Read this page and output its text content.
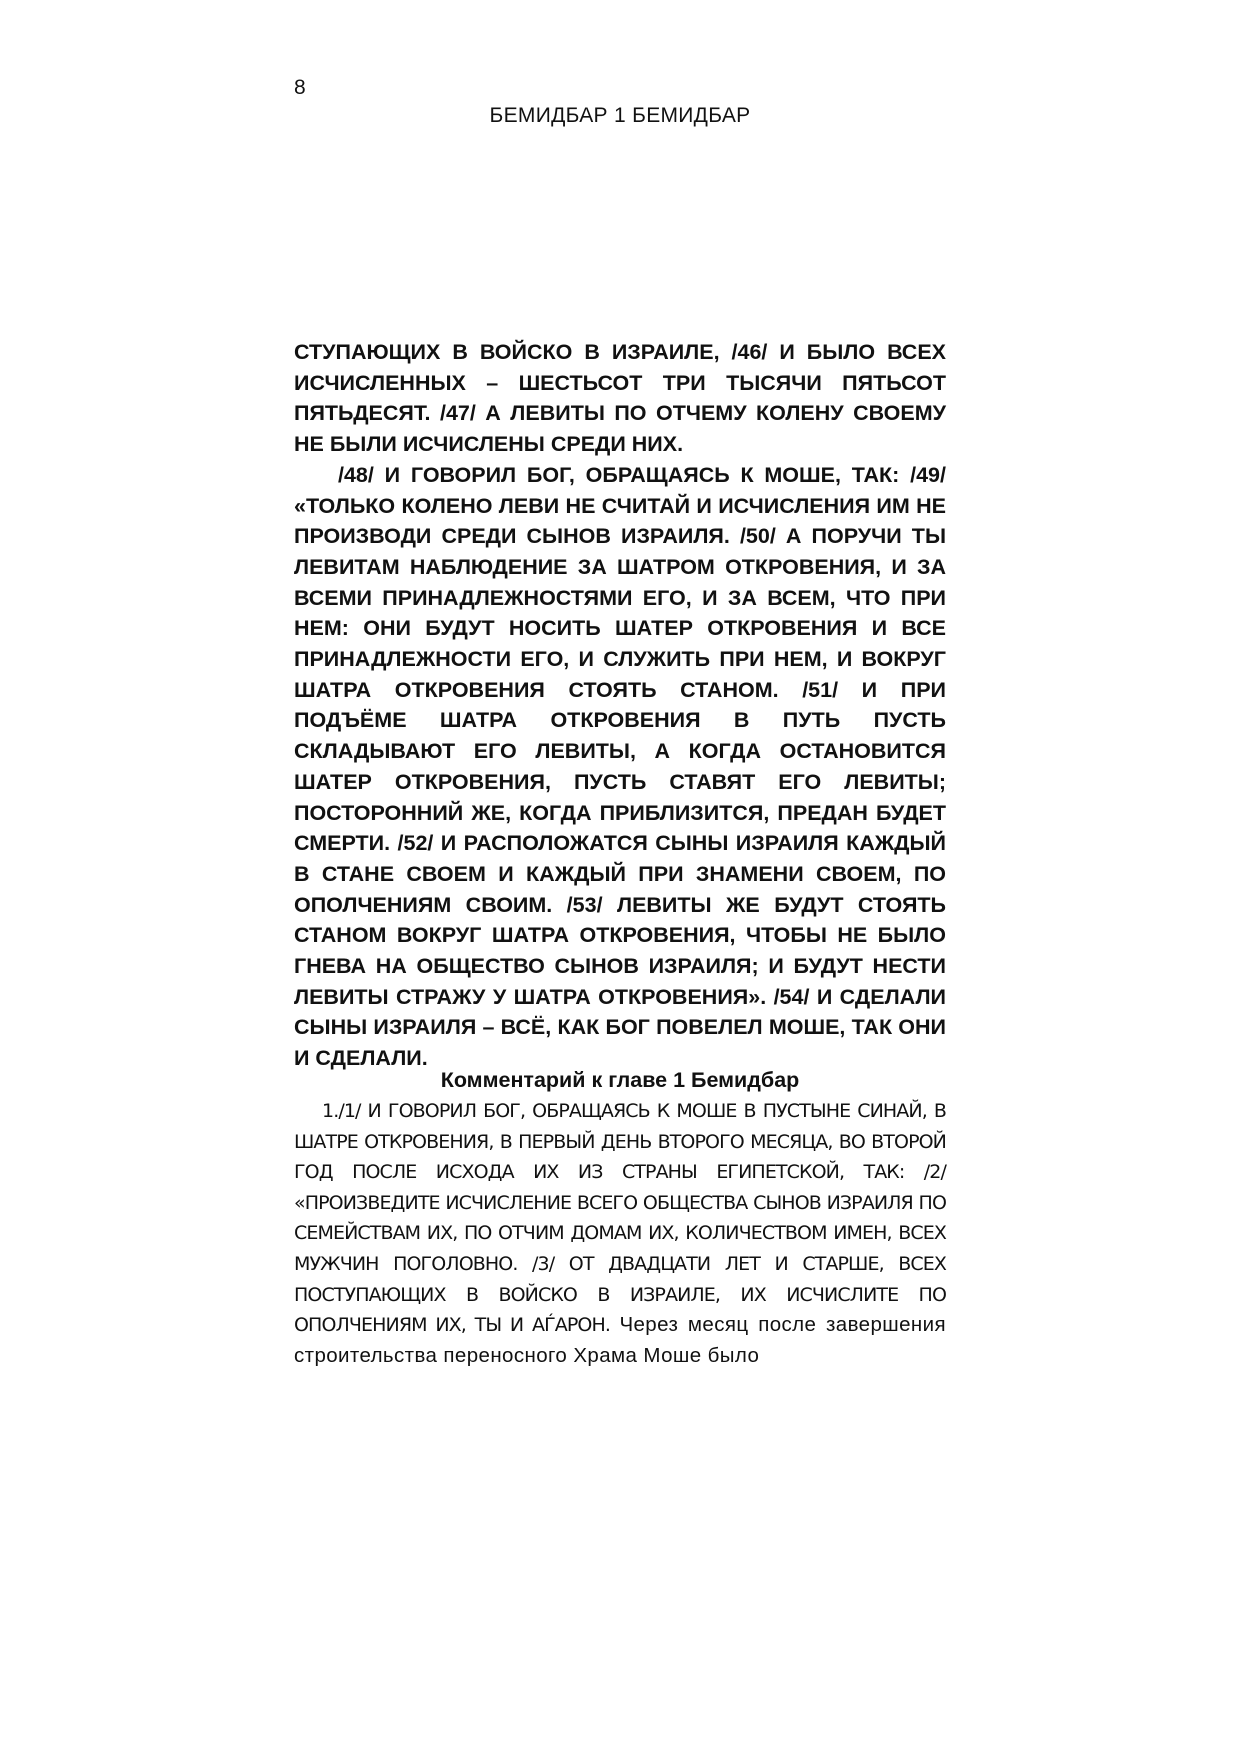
8
БЕМИДБАР 1 БЕМИДБАР

СТУПАЮЩИХ В ВОЙСКО В ИЗРАИЛЕ, /46/ И БЫЛО ВСЕХ ИСЧИСЛЕННЫХ – ШЕСТЬСОТ ТРИ ТЫСЯЧИ ПЯТЬСОТ ПЯТЬДЕСЯТ. /47/ А ЛЕВИТЫ ПО ОТЧЕМУ КОЛЕНУ СВОЕМУ НЕ БЫЛИ ИСЧИСЛЕНЫ СРЕДИ НИХ.

/48/ И ГОВОРИЛ БОГ, ОБРАЩАЯСЬ К МОШЕ, ТАК: /49/ «ТОЛЬКО КОЛЕНО ЛЕВИ НЕ СЧИТАЙ И ИСЧИСЛЕНИЯ ИМ НЕ ПРОИЗВОДИ СРЕДИ СЫНОВ ИЗРАИЛЯ. /50/ А ПОРУЧИ ТЫ ЛЕВИТАМ НАБЛЮДЕНИЕ ЗА ШАТРОМ ОТКРОВЕНИЯ, И ЗА ВСЕМИ ПРИНАДЛЕЖНОСТЯМИ ЕГО, И ЗА ВСЕМ, ЧТО ПРИ НЕМ: ОНИ БУДУТ НОСИТЬ ШАТЕР ОТКРОВЕНИЯ И ВСЕ ПРИНАДЛЕЖНОСТИ ЕГО, И СЛУЖИТЬ ПРИ НЕМ, И ВОКРУГ ШАТРА ОТКРОВЕНИЯ СТОЯТЬ СТАНОМ. /51/ И ПРИ ПОДЪЁМЕ ШАТРА ОТКРОВЕНИЯ В ПУТЬ ПУСТЬ СКЛАДЫВАЮТ ЕГО ЛЕВИТЫ, А КОГДА ОСТАНОВИТСЯ ШАТЕР ОТКРОВЕНИЯ, ПУСТЬ СТАВЯТ ЕГО ЛЕВИТЫ; ПОСТОРОННИЙ ЖЕ, КОГДА ПРИБЛИЗИТСЯ, ПРЕДАН БУДЕТ СМЕРТИ. /52/ И РАСПОЛОЖАТСЯ СЫНЫ ИЗРАИЛЯ КАЖДЫЙ В СТАНЕ СВОЕМ И КАЖДЫЙ ПРИ ЗНАМЕНИ СВОЕМ, ПО ОПОЛЧЕНИЯМ СВОИМ. /53/ ЛЕВИТЫ ЖЕ БУДУТ СТОЯТЬ СТАНОМ ВОКРУГ ШАТРА ОТКРОВЕНИЯ, ЧТОБЫ НЕ БЫЛО ГНЕВА НА ОБЩЕСТВО СЫНОВ ИЗРАИЛЯ; И БУДУТ НЕСТИ ЛЕВИТЫ СТРАЖУ У ШАТРА ОТКРОВЕНИЯ». /54/ И СДЕЛАЛИ СЫНЫ ИЗРАИЛЯ – ВСЁ, КАК БОГ ПОВЕЛЕЛ МОШЕ, ТАК ОНИ И СДЕЛАЛИ.

Комментарий к главе 1 Бемидбар

1./1/ И ГОВОРИЛ БОГ, ОБРАЩАЯСЬ К МОШЕ В ПУСТЫНЕ СИНАЙ, В ШАТРЕ ОТКРОВЕНИЯ, В ПЕРВЫЙ ДЕНЬ ВТОРОГО МЕСЯЦА, ВО ВТОРОЙ ГОД ПОСЛЕ ИСХОДА ИХ ИЗ СТРАНЫ ЕГИПЕТСКОЙ, ТАК: /2/ «ПРОИЗВЕДИТЕ ИСЧИСЛЕНИЕ ВСЕГО ОБЩЕСТВА СЫНОВ ИЗРАИЛЯ ПО СЕМЕЙСТВАМ ИХ, ПО ОТЧИМ ДОМАМ ИХ, КОЛИЧЕСТВОМ ИМЕН, ВСЕХ МУЖЧИН ПОГОЛОВНО. /3/ ОТ ДВАДЦАТИ ЛЕТ И СТАРШЕ, ВСЕХ ПОСТУПАЮЩИХ В ВОЙСКО В ИЗРАИЛЕ, ИХ ИСЧИСЛИТЕ ПО ОПОЛЧЕНИЯМ ИХ, ТЫ И АЃАРОН. Через месяц после завершения строительства переносного Храма Моше было
